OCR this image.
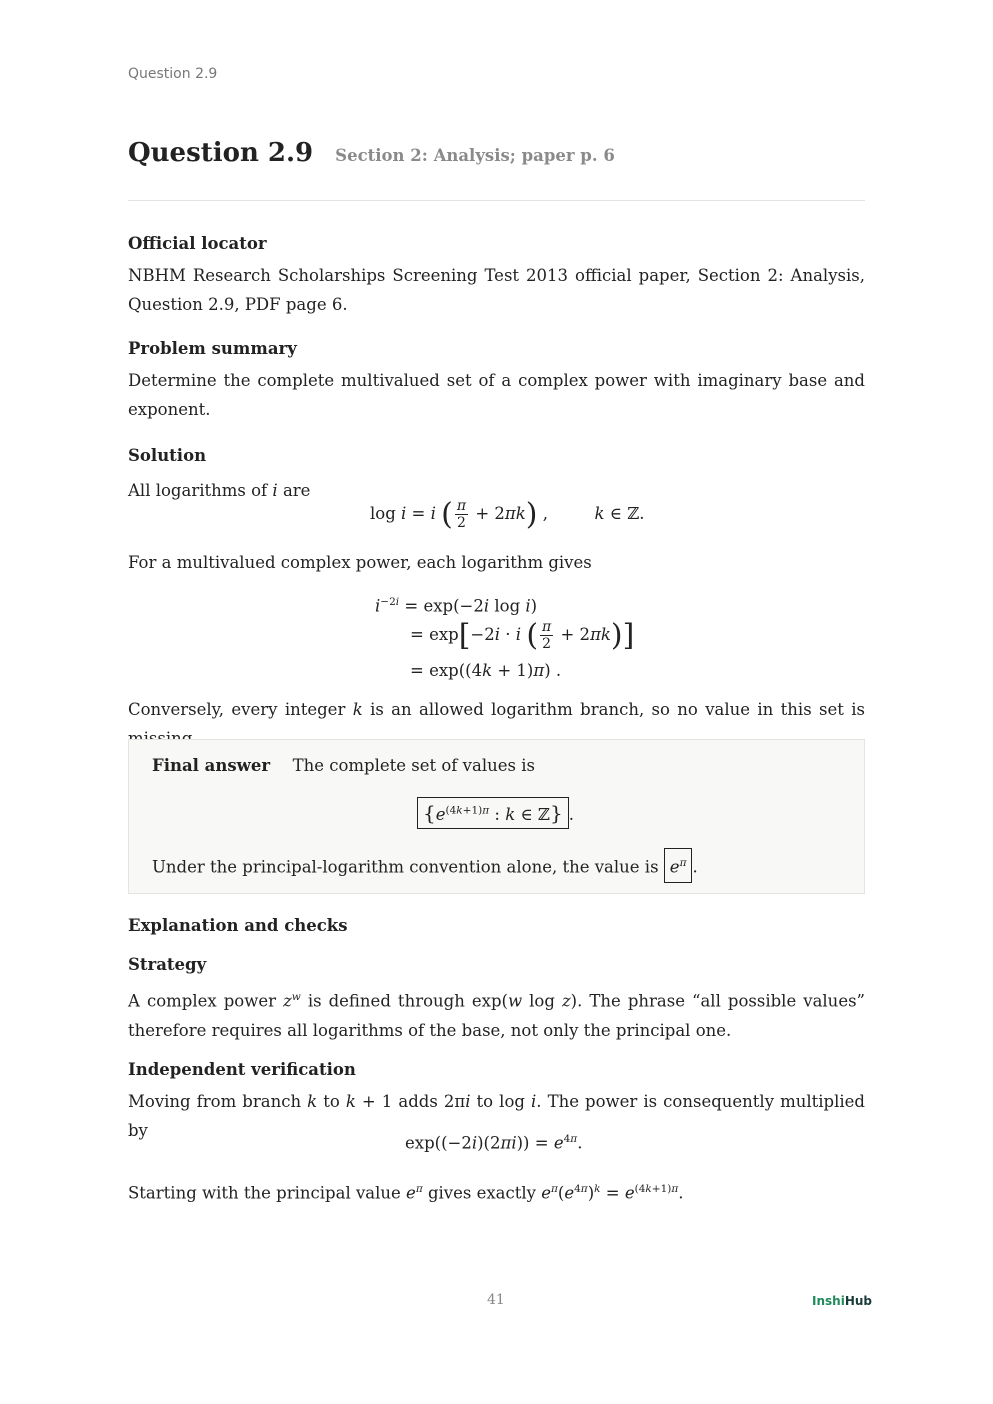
Question 2.9
Question 2.9 Section 2: Analysis; paper p. 6
Official locator
NBHM Research Scholarships Screening Test 2013 official paper, Section 2: Analysis, Question 2.9, PDF page 6.
Problem summary
Determine the complete multivalued set of a complex power with imaginary base and exponent.
Solution
All logarithms of i are
log i = i ( $\frac{\pi}{2} + 2\pi k$) ,	k ∈ ℤ.
For a multivalued complex power, each logarithm gives
$i^{-2i} = \exp(-2i$ log i)
= exp[−2i · i ( $\frac{\pi}{2} + 2\pi k$)]
= exp((4k + 1)π) .
Conversely, every integer k is an allowed logarithm branch, so no value in this set is
Final answer The complete set of values is
{$e^{(4k+1)\pi}$ : k ∈ ℤ} .
Under the principal-logarithm convention alone, the value is $e^\pi$ .
Explanation and checks
Strategy
A complex power $z^w$ is defined through exp(w log z). The phrase “all possible values” therefore requires all logarithms of the base, not only the principal one.
Independent verification
Moving from branch k to k + 1 adds 2πi to log i. The power is consequently multiplied by
$\exp((-2i)(2\pi i)) = e^{4\pi}$.
Starting with the principal value $e^\pi$ gives exactly $e^\pi(e^{4\pi})^k = e^{(4k+1)\pi}$.
41	InshiHub
